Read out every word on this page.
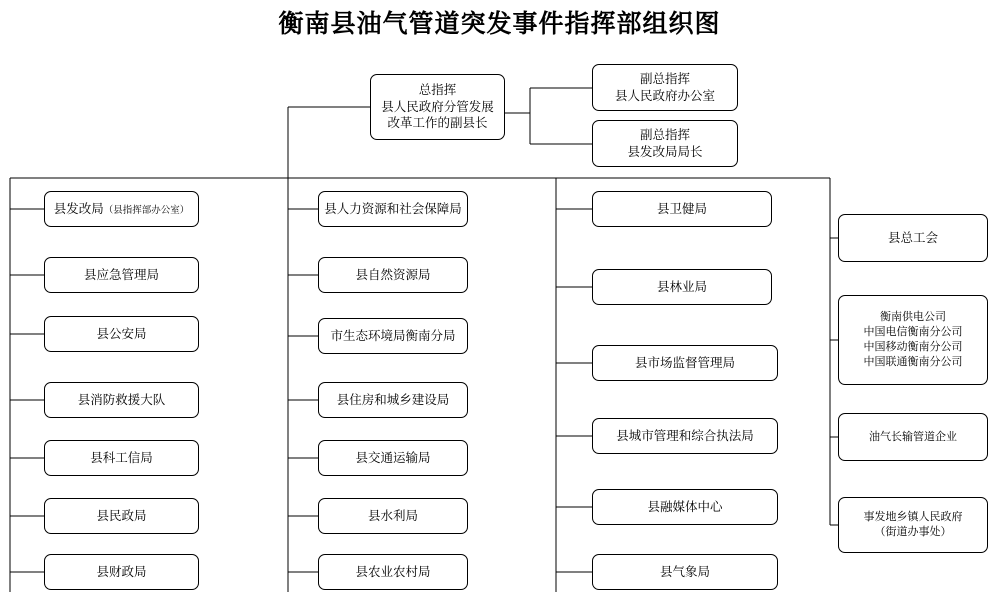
衡南县油气管道突发事件指挥部组织图
总指挥
县人民政府分管发展
改革工作的副县长
副总指挥
县人民政府办公室
副总指挥
县发改局局长
县发改局（县指挥部办公室）
县应急管理局
县公安局
县消防救援大队
县科工信局
县民政局
县财政局
县人力资源和社会保障局
县自然资源局
市生态环境局衡南分局
县住房和城乡建设局
县交通运输局
县水利局
县农业农村局
县卫健局
县林业局
县市场监督管理局
县城市管理和综合执法局
县融媒体中心
县气象局
县总工会
衡南供电公司
中国电信衡南分公司
中国移动衡南分公司
中国联通衡南分公司
油气长输管道企业
事发地乡镇人民政府
（街道办事处）
